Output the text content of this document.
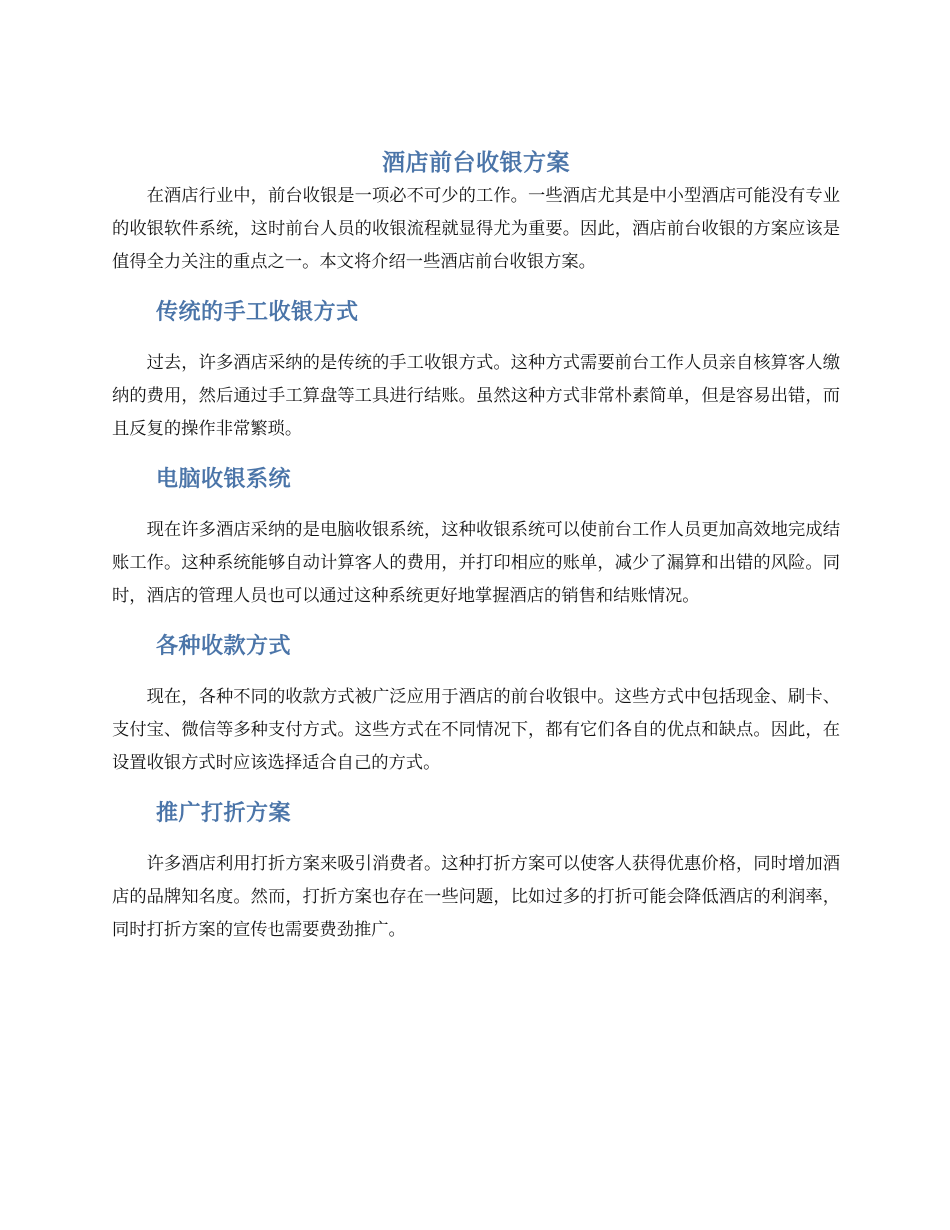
酒店前台收银方案

在酒店行业中，前台收银是一项必不可少的工作。一些酒店尤其是中小型酒店可能没有专业的收银软件系统，这时前台人员的收银流程就显得尤为重要。因此，酒店前台收银的方案应该是值得全力关注的重点之一。本文将介绍一些酒店前台收银方案。

传统的手工收银方式

过去，许多酒店采纳的是传统的手工收银方式。这种方式需要前台工作人员亲自核算客人缴纳的费用，然后通过手工算盘等工具进行结账。虽然这种方式非常朴素简单，但是容易出错，而且反复的操作非常繁琐。

电脑收银系统

现在许多酒店采纳的是电脑收银系统，这种收银系统可以使前台工作人员更加高效地完成结账工作。这种系统能够自动计算客人的费用，并打印相应的账单，减少了漏算和出错的风险。同时，酒店的管理人员也可以通过这种系统更好地掌握酒店的销售和结账情况。

各种收款方式

现在，各种不同的收款方式被广泛应用于酒店的前台收银中。这些方式中包括现金、刷卡、支付宝、微信等多种支付方式。这些方式在不同情况下，都有它们各自的优点和缺点。因此，在设置收银方式时应该选择适合自己的方式。

推广打折方案

许多酒店利用打折方案来吸引消费者。这种打折方案可以使客人获得优惠价格，同时增加酒店的品牌知名度。然而，打折方案也存在一些问题，比如过多的打折可能会降低酒店的利润率，同时打折方案的宣传也需要费劲推广。
